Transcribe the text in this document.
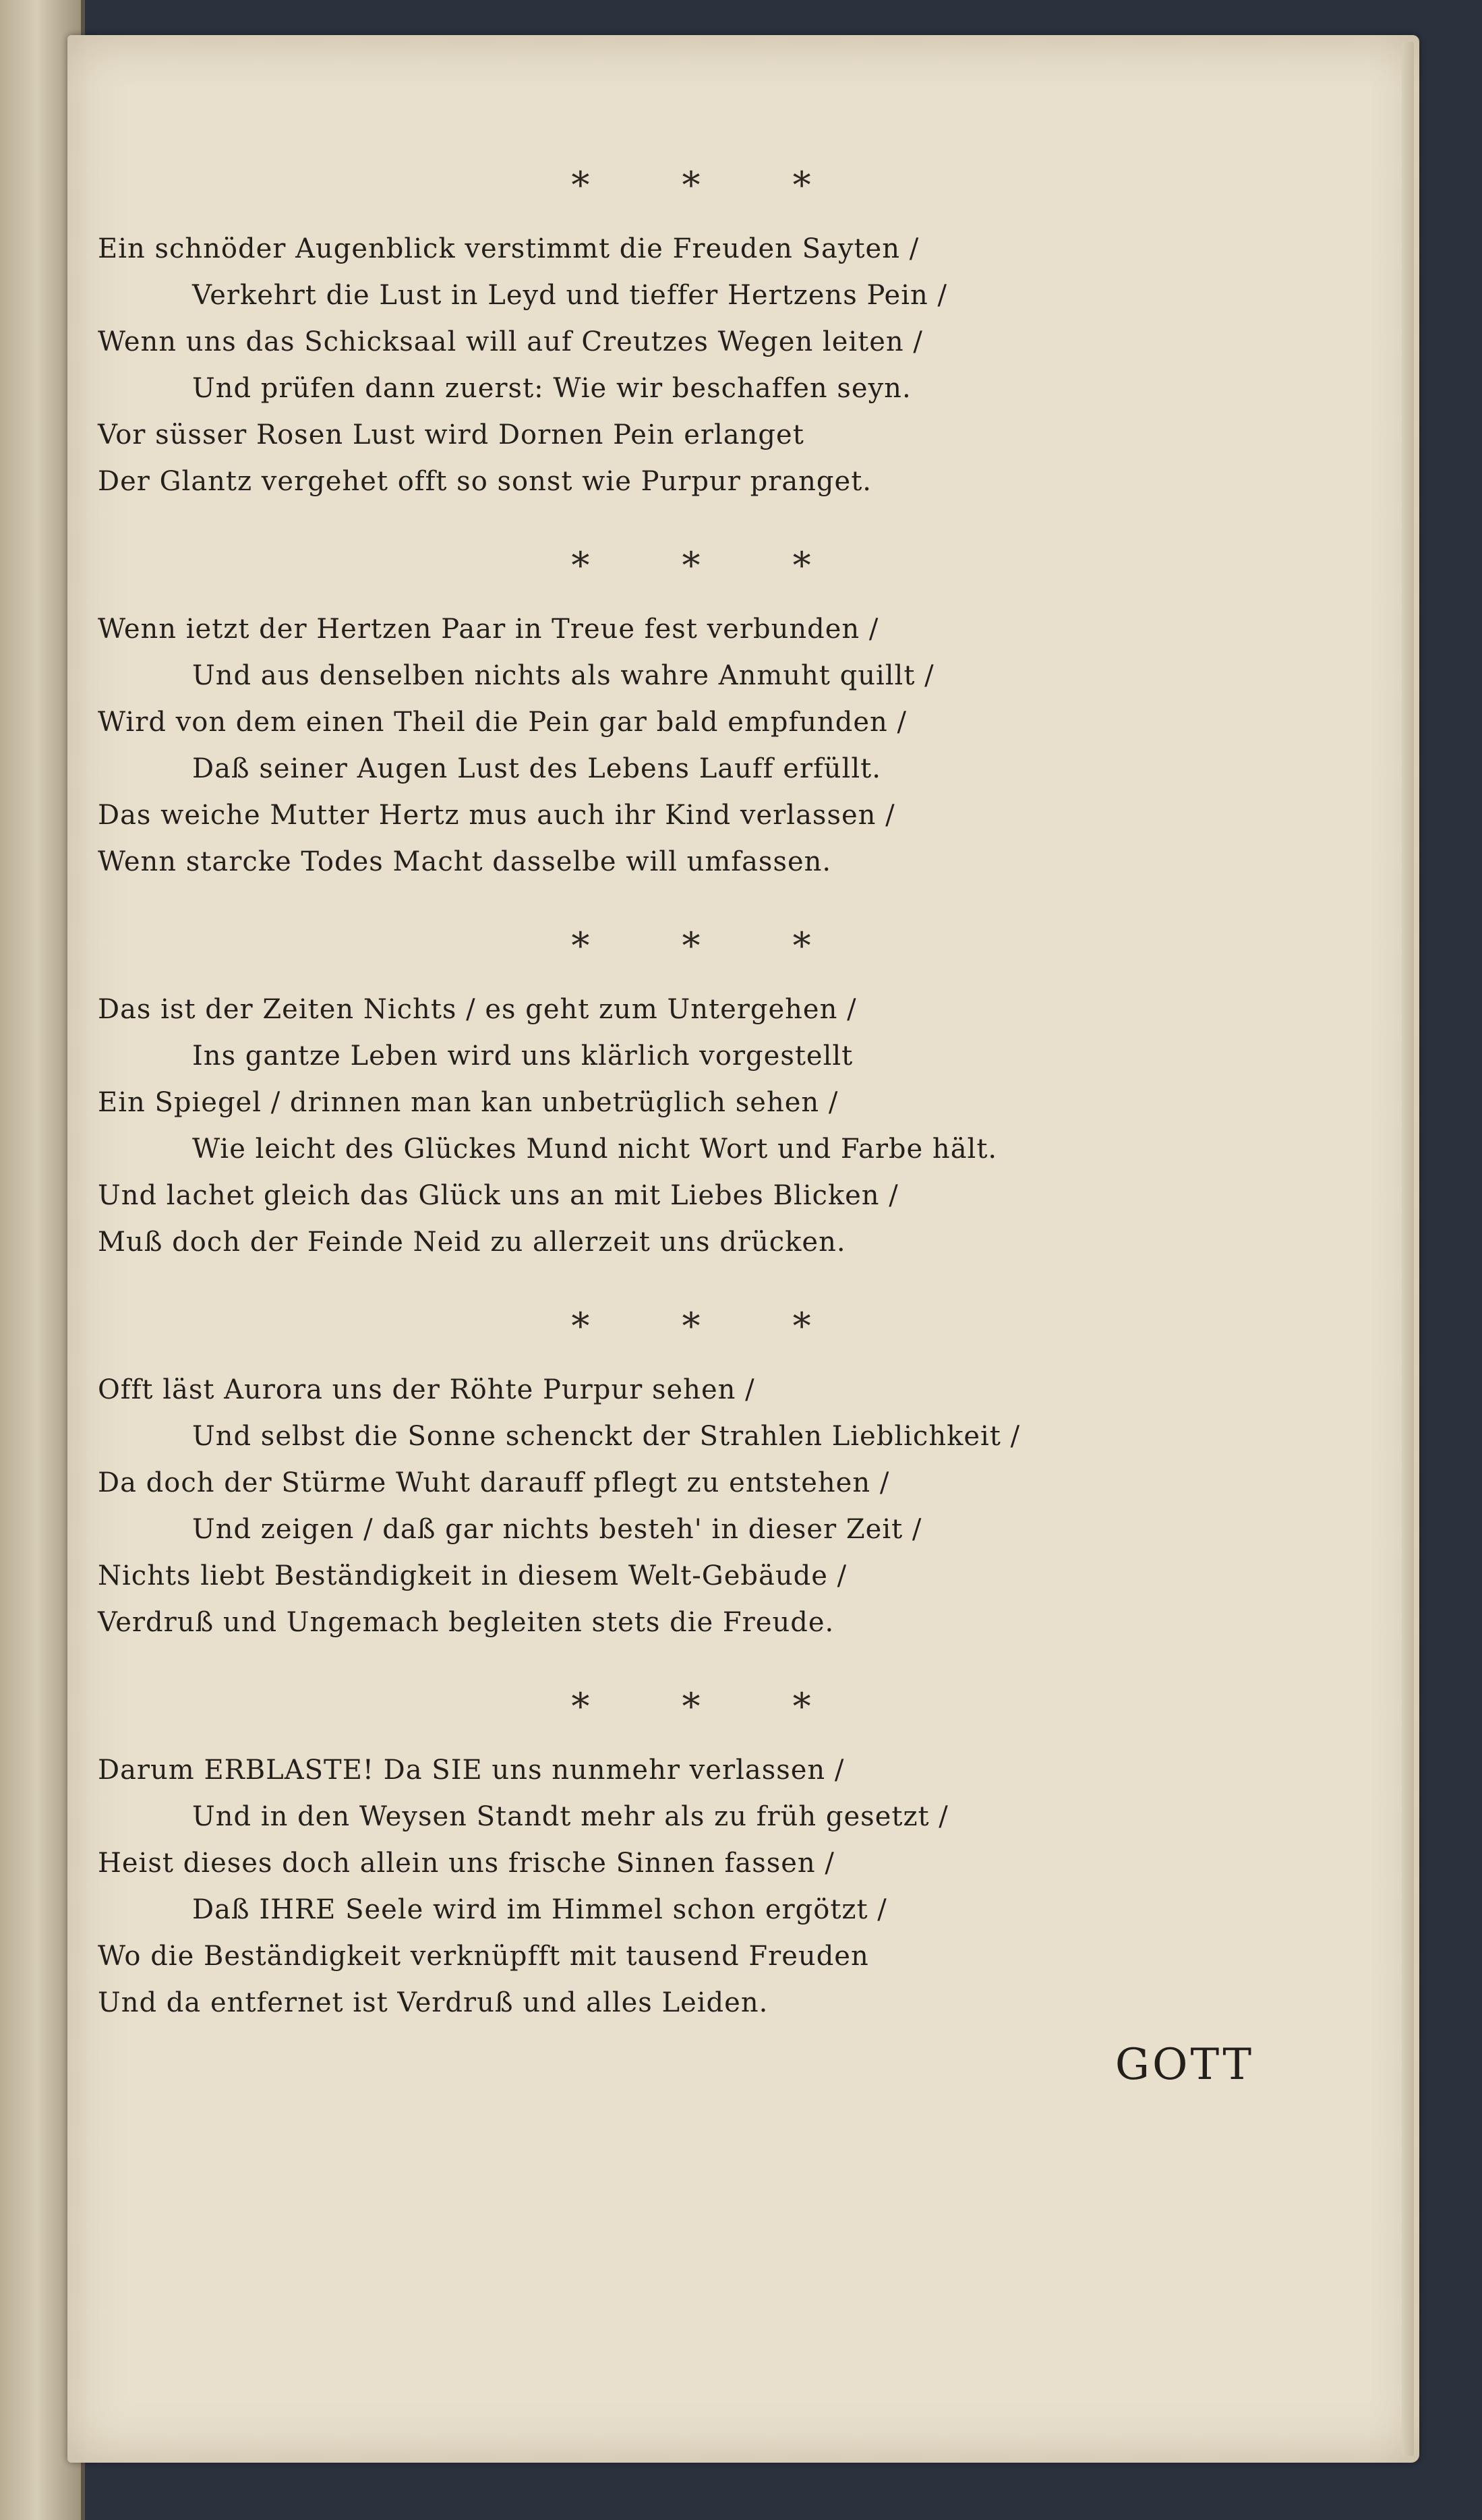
* * *
Ein schnöder Augenblick verstimmt die Freuden Sayten /
Verkehrt die Lust in Leyd und tieffer Hertzens Pein /
Wenn uns das Schicksaal will auf Creutzes Wegen leiten /
Und prüfen dann zuerst: Wie wir beschaffen seyn.
Vor süsser Rosen Lust wird Dornen Pein erlanget
Der Glantz vergehet offt so sonst wie Purpur pranget.
* * *
Wenn ietzt der Hertzen Paar in Treue fest verbunden /
Und aus denselben nichts als wahre Anmuht quillt /
Wird von dem einen Theil die Pein gar bald empfunden /
Daß seiner Augen Lust des Lebens Lauff erfüllt.
Das weiche Mutter Hertz mus auch ihr Kind verlassen /
Wenn starcke Todes Macht dasselbe will umfassen.
* * *
Das ist der Zeiten Nichts / es geht zum Untergehen /
Ins gantze Leben wird uns klärlich vorgestellt
Ein Spiegel / drinnen man kan unbetrüglich sehen /
Wie leicht des Glückes Mund nicht Wort und Farbe hält.
Und lachet gleich das Glück uns an mit Liebes Blicken /
Muß doch der Feinde Neid zu allerzeit uns drücken.
* * *
Offt läst Aurora uns der Röhte Purpur sehen /
Und selbst die Sonne schenckt der Strahlen Lieblichkeit /
Da doch der Stürme Wuht darauff pflegt zu entstehen /
Und zeigen / daß gar nichts besteh' in dieser Zeit /
Nichts liebt Beständigkeit in diesem Welt-Gebäude /
Verdruß und Ungemach begleiten stets die Freude.
* * *
Darum ERBLASTE! Da SIE uns nunmehr verlassen /
Und in den Weysen Standt mehr als zu früh gesetzt /
Heist dieses doch allein uns frische Sinnen fassen /
Daß IHRE Seele wird im Himmel schon ergötzt /
Wo die Beständigkeit verknüpfft mit tausend Freuden
Und da entfernet ist Verdruß und alles Leiden.
GOTT
